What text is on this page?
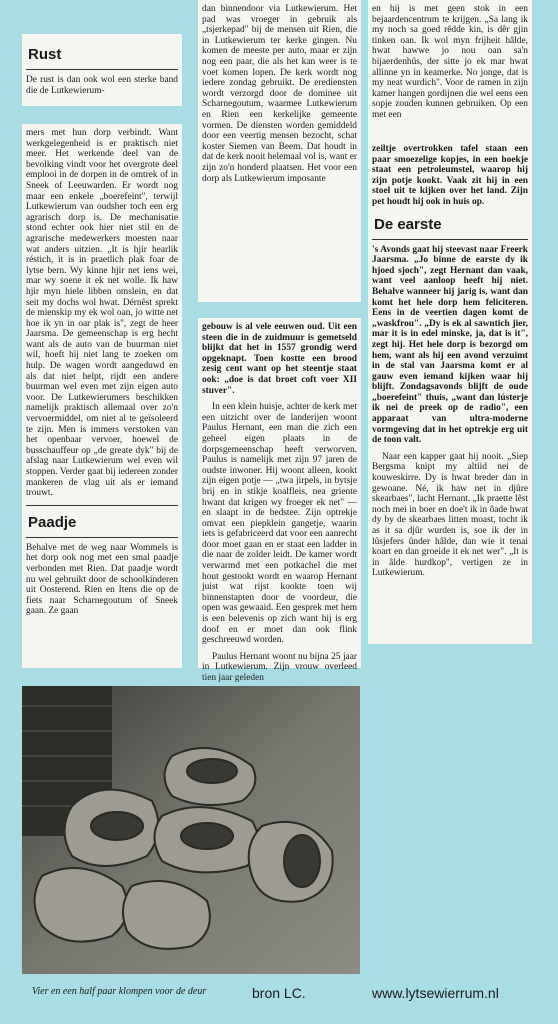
Rust

De rust is dan ook wol een sterke band die de Lutkewierum-

mers met hun dorp verbindt. Want werkgelegenheid is er praktisch niet meer. Het werkende deel van de bevolking vindt voor het overgrote deel emplooi in de dorpen in de omtrek of in Sneek of Leeuwarden. Er wordt nog maar een enkele „boerefeint", terwijl Lutkewierum van oudsher toch een erg agrarisch dorp is. De mechanisatie stond echter ook hier niet stil en de agrarische medewerkers moesten naar wat anders uitzien. „It is hjir hearlik réstich, it is in praetlich plak foar de lytse bern. Wy kinne hjir net iens wei, mar wy soene it ek net wolle. Ik haw hjir myn hiele libben omslein, en dat seit my dochs wol hwat. Dérnêst sprekt de mienskip my ek wol oan, jo witte net hoe ik yn in oar plak is", zegt de heer Jaarsma. De gemeenschap is erg hecht want als de auto van de buurman niet wil, hoeft hij niet lang te zoeken om hulp. De wagen wordt aangeduwd en als dat niet helpt, rijdt een andere buurman wel even met zijn eigen auto voor. De Lutkewierumers beschikken namelijk praktisch allemaal over zo'n vervoermiddel, om niet al te geïsoleerd te zijn. Men is immers verstoken van het openbaar vervoer, hoewel de busschauffeur op „de greate dyk" bij de afslag naar Lutkewierum wel even wil stoppen. Verder gaat bij iedereen zonder mankeren de vlag uit als er iemand trouwt.

Paadje

Behalve met de weg naar Wommels is het dorp ook nog met een smal paadje verbonden met Rien. Dat paadje wordt nu wel gebruikt door de schoolkinderen uit Oosterend. Rien en Itens die op de fiets naar Scharnegoutum of Sneek gaan. Ze gaan

dan binnendoor via Lutkewierum. Het pad was vroeger in gebruik als „tsjerkepad" bij de mensen uit Rien, die in Lutkewierum ter kerke gingen. Nu komen de meeste per auto, maar er zijn nog een paar, die als het kan weer is te voet komen lopen. De kerk wordt nog iedere zondag gebruikt. De erediensten wordt verzorgd door de dominee uit Scharnegoutum, waarmee Lutkewierum en Rien een kerkelijke gemeente vormen. De diensten worden gemiddeld door een veertig mensen bezocht, schat koster Siemen van Beem. Dat houdt in dat de kerk nooit helemaal vol is, want er zijn zo'n honderd plaatsen. Het voor een dorp als Lutkewierum imposante

gebouw is al vele eeuwen oud. Uit een steen die in de zuidmuur is gemetseld blijkt dat het in 1557 grondig werd opgeknapt. Toen kostte een brood zesig cent want op het steentje staat ook: „doe is dat broet coft voer XII stuver".

In een klein huisje, achter de kerk met een uitzicht over de landerijen woont Paulus Hernant, een man die zich een geheel eigen plaats in de dorpsgemeenschap heeft verworven. Paulus is namelijk met zijn 97 jaren de oudste inwoner. Hij woont alleen, kookt zijn eigen potje — „twa jirpels, in bytsje brij en in stikje koalfleis, nea griente hwant dat krigen wy froeger ek net" — en slaapt in de bedstee. Zijn optrekje omvat een piepklein gangetje, waarin iets is gefabriceerd dat voor een aanrecht door moet gaan en er staat een ladder in die naar de zolder leidt. De kamer wordt verwarmd met een potkachel die met hout gestookt wordt en waarop Hernant juist wat rijst kookte toen wij binnenstapten door de voordeur, die open was gewaaid. Een gesprek met hem is een belevenis op zich want hij is erg doof en er moet dan ook flink geschreeuwd worden.

Paulus Hernant woont nu bijna 25 jaar in Lutkewierum. Zijn vrouw overleed tien jaar geleden

en hij is met geen stok in een bejaardencentrum te krijgen. „Sa lang ik my noch sa goed rêdde kin, is dêr gjin tinken oan. Ik wol myn frijheit hâlde, hwat hawwe jo nou oan sa'n bijaerdenhûs, der sitte jo ek mar hwat allinne yn in keamerke. No jonge, dat is my neat wurdich". Voor de ramen in zijn kamer hangen gordijnen die wel eens een sopje zouden kunnen gebruiken. Op een met een

zeiltje overtrokken tafel staan een paar smoezelige kopjes, in een hoekje staat een petroleumstel, waarop hij zijn potje kookt. Vaak zit hij in een stoel uit te kijken over het land. Zijn pet houdt hij ook in huis op.

De earste

's Avonds gaat hij steevast naar Freerk Jaarsma. „Jo binne de earste dy ik hjoed sjoch", zegt Hernant dan vaak, want veel aanloop heeft hij niet. Behalve wanneer hij jarig is, want dan komt het hele dorp hem feliciteren. Eens in de veertien dagen komt de „waskfrou". „Dy is ek al sawntich jier, mar it is in edel minske, ja, dat is it", zegt hij. Het hele dorp is bezorgd om hem, want als hij een avond verzuimt in de stal van Jaarsma komt er al gauw even iemand kijken waar hij blijft. Zondagsavonds blijft de oude „boerefeint" thuis, „want dan lústerje ik nei de preek op de radio", een apparaat van ultra-moderne vormgeving dat in het optrekje erg uit de toon valt.

Naar een kapper gaat hij nooit. „Siep Bergsma knipt my altiid nei de kouweskirre. Dy is hwat breder dan in gewoane. Né, ik haw net in djûre skearbaes", lacht Hernant. „Ik praette lêst noch mei in boer en doe't ik in ôade hwat dy by de skearbaes litten moast, tocht ik as it sa djûr wurden is, soe ik der in lûsjefers ûnder hâlde, dan wie it tenai koart en dan groeide it ek net wer". „It is in âlde hurdkop", vertigen ze in Lutkewierum.

Vier en een half paar klompen voor de deur	bron LC.	www.lytsewierrum.nl
